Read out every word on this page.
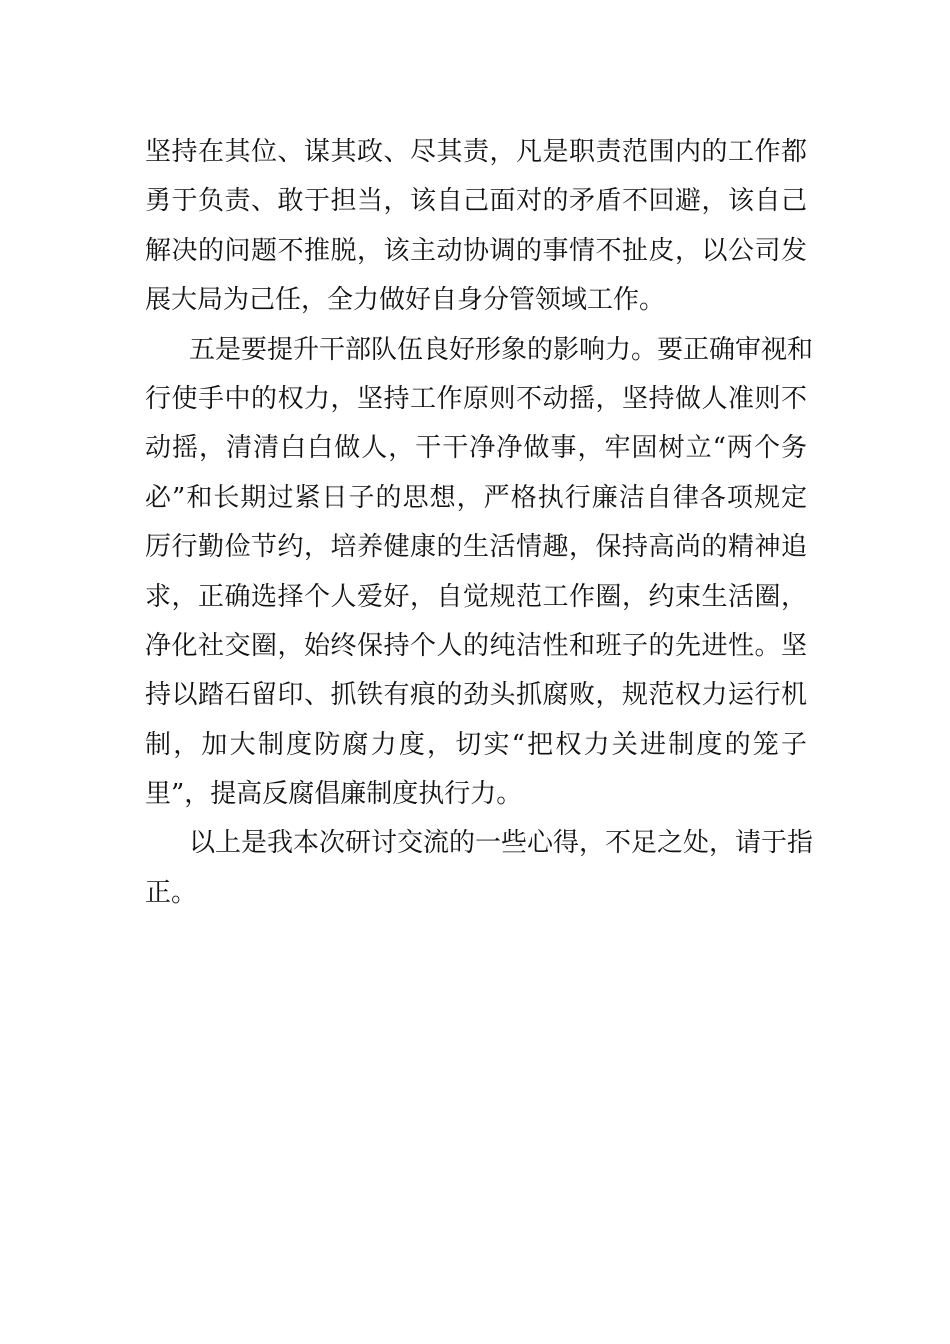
坚持在其位、谋其政、尽其责，凡是职责范围内的工作都
勇于负责、敢于担当，该自己面对的矛盾不回避，该自己
解决的问题不推脱，该主动协调的事情不扯皮，以公司发
展大局为己任，全力做好自身分管领域工作。
五是要提升干部队伍良好形象的影响力。要正确审视和
行使手中的权力，坚持工作原则不动摇，坚持做人准则不
动摇，清清白白做人，干干净净做事，牢固树立“两个务
必”和长期过紧日子的思想，严格执行廉洁自律各项规定
厉行勤俭节约，培养健康的生活情趣，保持高尚的精神追
求，正确选择个人爱好，自觉规范工作圈，约束生活圈，
净化社交圈，始终保持个人的纯洁性和班子的先进性。坚
持以踏石留印、抓铁有痕的劲头抓腐败，规范权力运行机
制，加大制度防腐力度，切实“把权力关进制度的笼子
里”，提高反腐倡廉制度执行力。
以上是我本次研讨交流的一些心得，不足之处，请于指
正。
